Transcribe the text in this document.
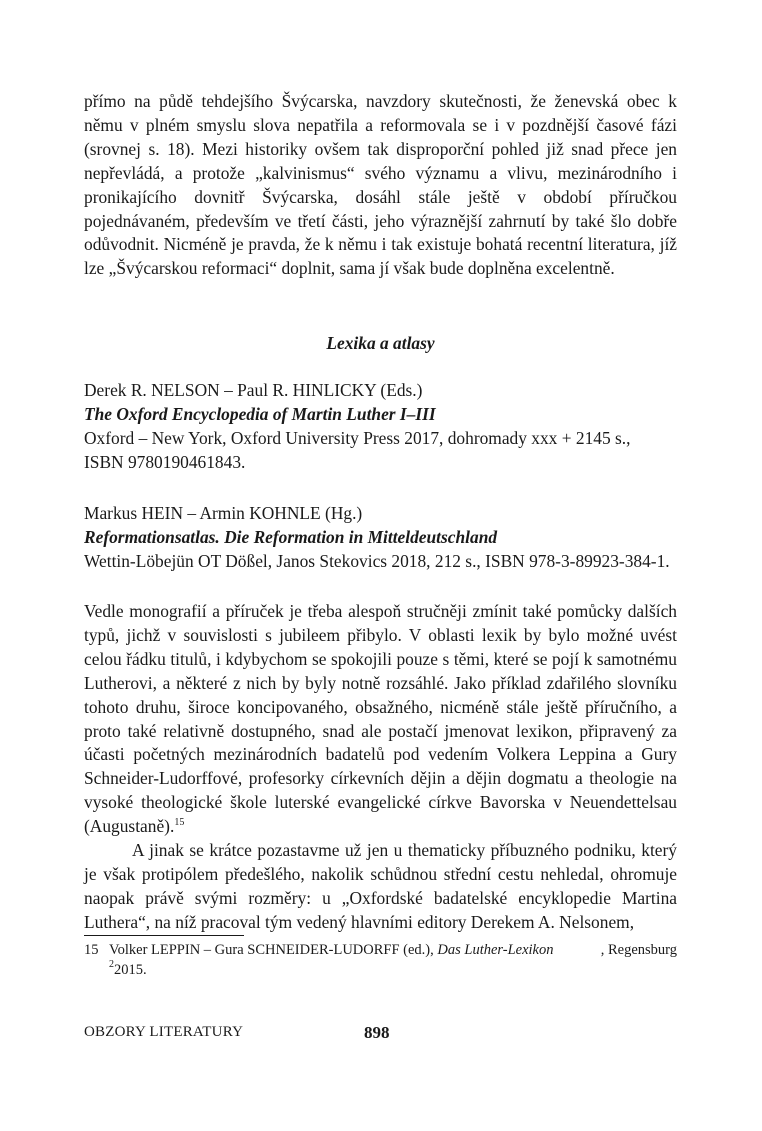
přímo na půdě tehdejšího Švýcarska, navzdory skutečnosti, že ženevská obec k němu v plném smyslu slova nepatřila a reformovala se i v pozdnější časové fázi (srovnej s. 18). Mezi historiky ovšem tak disproporční pohled již snad přece jen nepřevládá, a protože „kalvinismus“ svého významu a vlivu, mezinárodního i pronikajícího dovnitř Švýcarska, dosáhl stále ještě v období příručkou pojednávaném, především ve třetí části, jeho výraznější zahrnutí by také šlo dobře odůvodnit. Nicméně je pravda, že k němu i tak existuje bohatá recentní literatura, jíž lze „Švýcarskou reformaci“ doplnit, sama jí však bude doplněna excelentně.

Lexika a atlasy

Derek R. NELSON – Paul R. HINLICKY (Eds.)

The Oxford Encyclopedia of Martin Luther I–III

Oxford – New York, Oxford University Press 2017, dohromady xxx + 2145 s.,

ISBN 9780190461843.

Markus HEIN – Armin KOHNLE (Hg.)

Reformationsatlas. Die Reformation in Mitteldeutschland

Wettin-Löbejün OT Dößel, Janos Stekovics 2018, 212 s., ISBN 978-3-89923-384-1.

Vedle monografií a příruček je třeba alespoň stručněji zmínit také pomůcky dalších typů, jichž v souvislosti s jubileem přibylo. V oblasti lexik by bylo možné uvést celou řádku titulů, i kdybychom se spokojili pouze s těmi, které se pojí k samotnému Lutherovi, a některé z nich by byly notně rozsáhlé. Jako příklad zdařilého slovníku tohoto druhu, široce koncipovaného, obsažného, nicméně stále ještě příručního, a proto také relativně dostupného, snad ale postačí jmenovat lexikon, připravený za účasti početných mezinárodních badatelů pod vedením Volkera Leppina a Gury Schneider-Ludorffové, profesorky církevních dějin a dějin dogmatu a theologie na vysoké theologické škole luterské evangelické církve Bavorska v Neuendettelsau (Augustaně).$^{15}$

A jinak se krátce pozastavme už jen u thematicky příbuzného podniku, který je však protipólem předešlého, nakolik schůdnou střední cestu nehledal, ohromuje naopak právě svými rozměry: u „Oxfordské badatelské encyklopedie Martina Luthera“, na níž pracoval tým vedený hlavními editory Derekem A. Nelsonem,

15 Volker LEPPIN – Gura SCHNEIDER-LUDORFF (ed.), Das Luther-Lexikon	, Regensburg
$^2$2015.
OBZORY LITERATURY	898
